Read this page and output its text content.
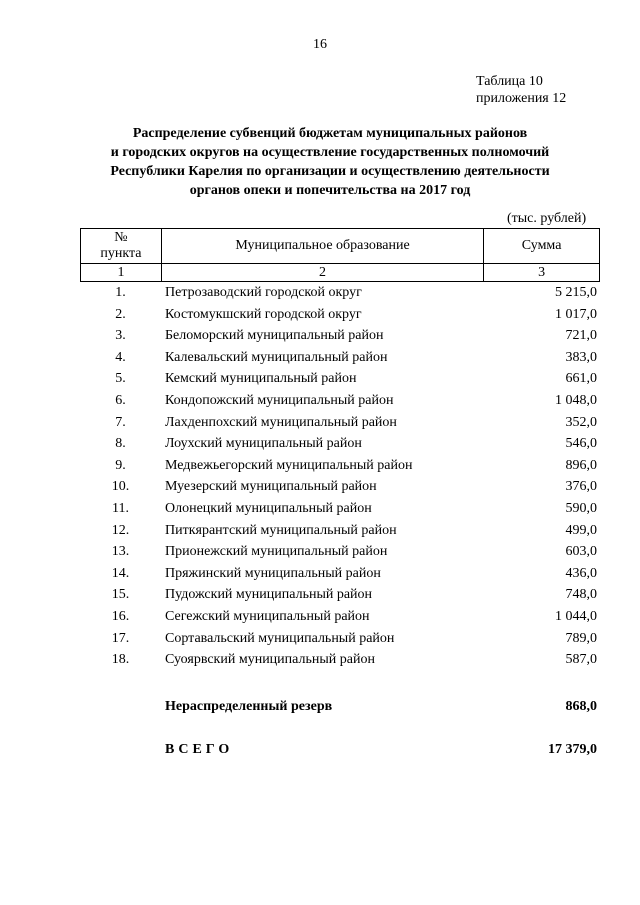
16
Таблица 10
приложения 12
Распределение субвенций бюджетам муниципальных районов
и городских округов на осуществление государственных полномочий
Республики Карелия по организации и осуществлению деятельности
органов опеки и попечительства на 2017 год
(тыс. рублей)
№
пункта	Муниципальное образование	Сумма
1	2	3
1.	Петрозаводский городской округ	5 215,0
2.	Костомукшский городской округ	1 017,0
3.	Беломорский муниципальный район	721,0
4.	Калевальский муниципальный район	383,0
5.	Кемский муниципальный район	661,0
6.	Кондопожский муниципальный район	1 048,0
7.	Лахденпохский муниципальный район	352,0
8.	Лоухский муниципальный район	546,0
9.	Медвежьегорский муниципальный район	896,0
10.	Муезерский муниципальный район	376,0
11.	Олонецкий муниципальный район	590,0
12.	Питкярантский муниципальный район	499,0
13.	Прионежский муниципальный район	603,0
14.	Пряжинский муниципальный район	436,0
15.	Пудожский муниципальный район	748,0
16.	Сегежский муниципальный район	1 044,0
17.	Сортавальский муниципальный район	789,0
18.	Суоярвский муниципальный район	587,0
Нераспределенный резерв	868,0
ВСЕГО	17 379,0
